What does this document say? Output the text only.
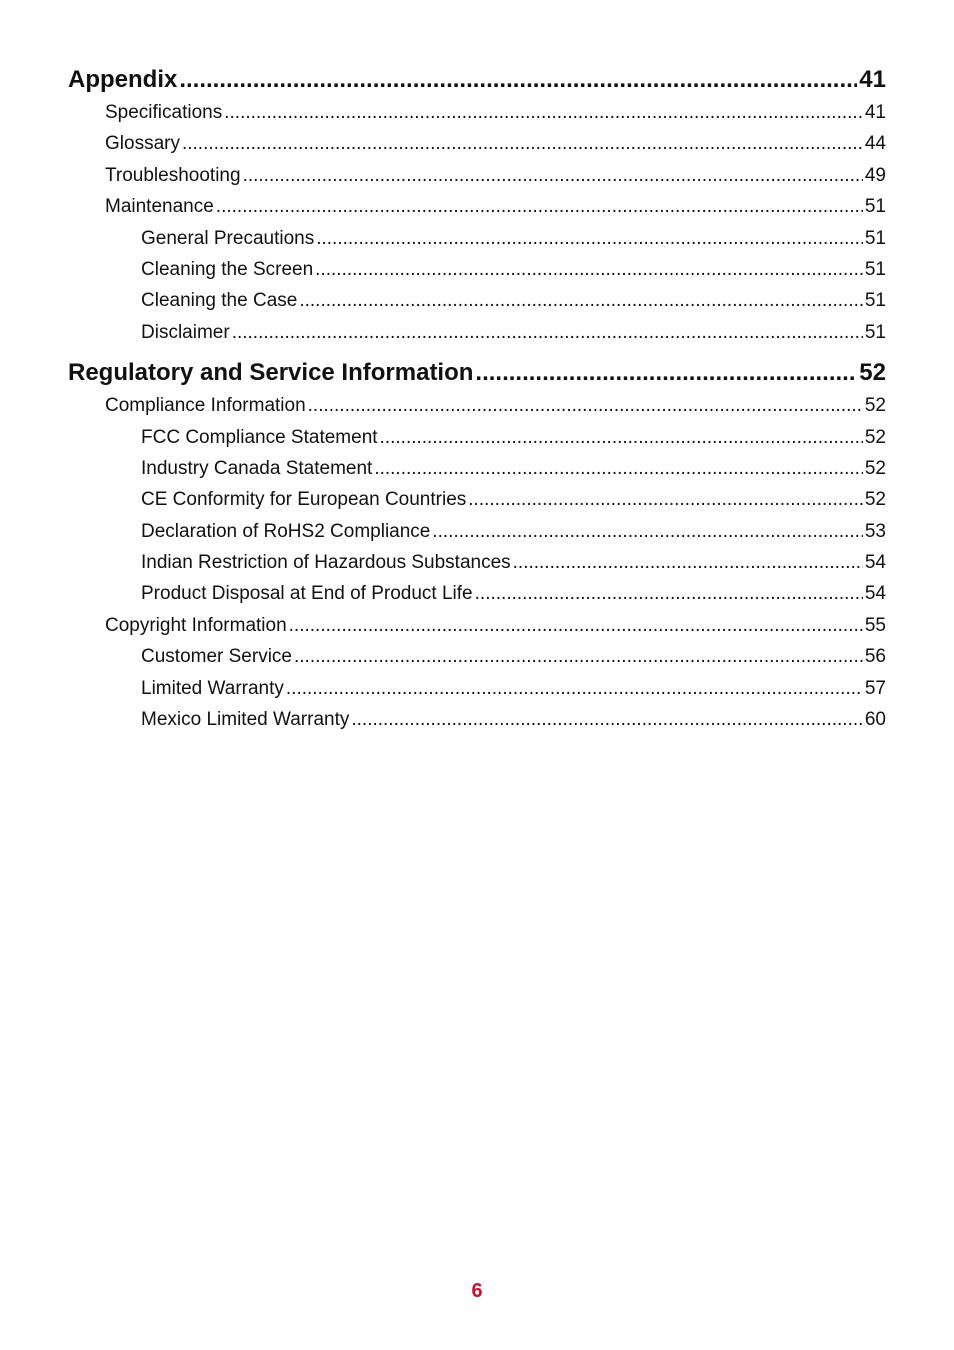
Appendix .....	41
Specifications .....	41
Glossary .....	44
Troubleshooting .....	49
Maintenance .....	51
General Precautions .....	51
Cleaning the Screen .....	51
Cleaning the Case .....	51
Disclaimer .....	51
Regulatory and Service Information .....	52
Compliance Information .....	52
FCC Compliance Statement .....	52
Industry Canada Statement .....	52
CE Conformity for European Countries .....	52
Declaration of RoHS2 Compliance .....	53
Indian Restriction of Hazardous Substances .....	54
Product Disposal at End of Product Life .....	54
Copyright Information .....	55
Customer Service .....	56
Limited Warranty .....	57
Mexico Limited Warranty .....	60
6
